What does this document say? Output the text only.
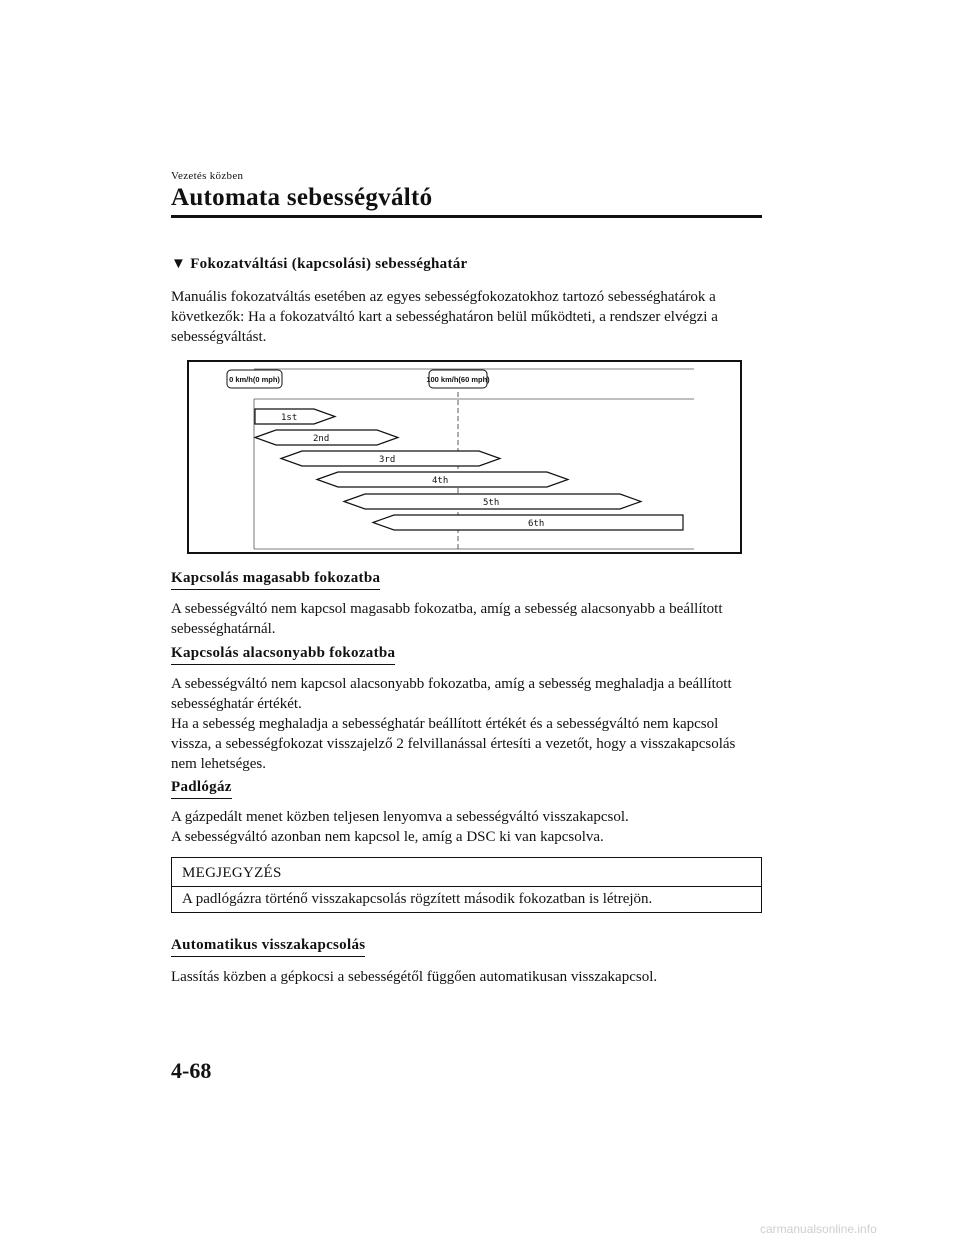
Vezetés közben
Automata sebességváltó
▼ Fokozatváltási (kapcsolási) sebességhatár
Manuális fokozatváltás esetében az egyes sebességfokozatokhoz tartozó sebességhatárok a következők: Ha a fokozatváltó kart a sebességhatáron belül működteti, a rendszer elvégzi a sebességváltást.
0 km/h(0 mph)	100 km/h(60 mph)
1st
2nd
3rd
4th
5th
6th
Kapcsolás magasabb fokozatba
A sebességváltó nem kapcsol magasabb fokozatba, amíg a sebesség alacsonyabb a beállított sebességhatárnál.
Kapcsolás alacsonyabb fokozatba
A sebességváltó nem kapcsol alacsonyabb fokozatba, amíg a sebesség meghaladja a beállított sebességhatár értékét.
Ha a sebesség meghaladja a sebességhatár beállított értékét és a sebességváltó nem kapcsol vissza, a sebességfokozat visszajelző 2 felvillanással értesíti a vezetőt, hogy a visszakapcsolás nem lehetséges.
Padlógáz
A gázpedált menet közben teljesen lenyomva a sebességváltó visszakapcsol.
A sebességváltó azonban nem kapcsol le, amíg a DSC ki van kapcsolva.
MEGJEGYZÉS
A padlógázra történő visszakapcsolás rögzített második fokozatban is létrejön.
Automatikus visszakapcsolás
Lassítás közben a gépkocsi a sebességétől függően automatikusan visszakapcsol.
4-68
carmanualsonline.info
